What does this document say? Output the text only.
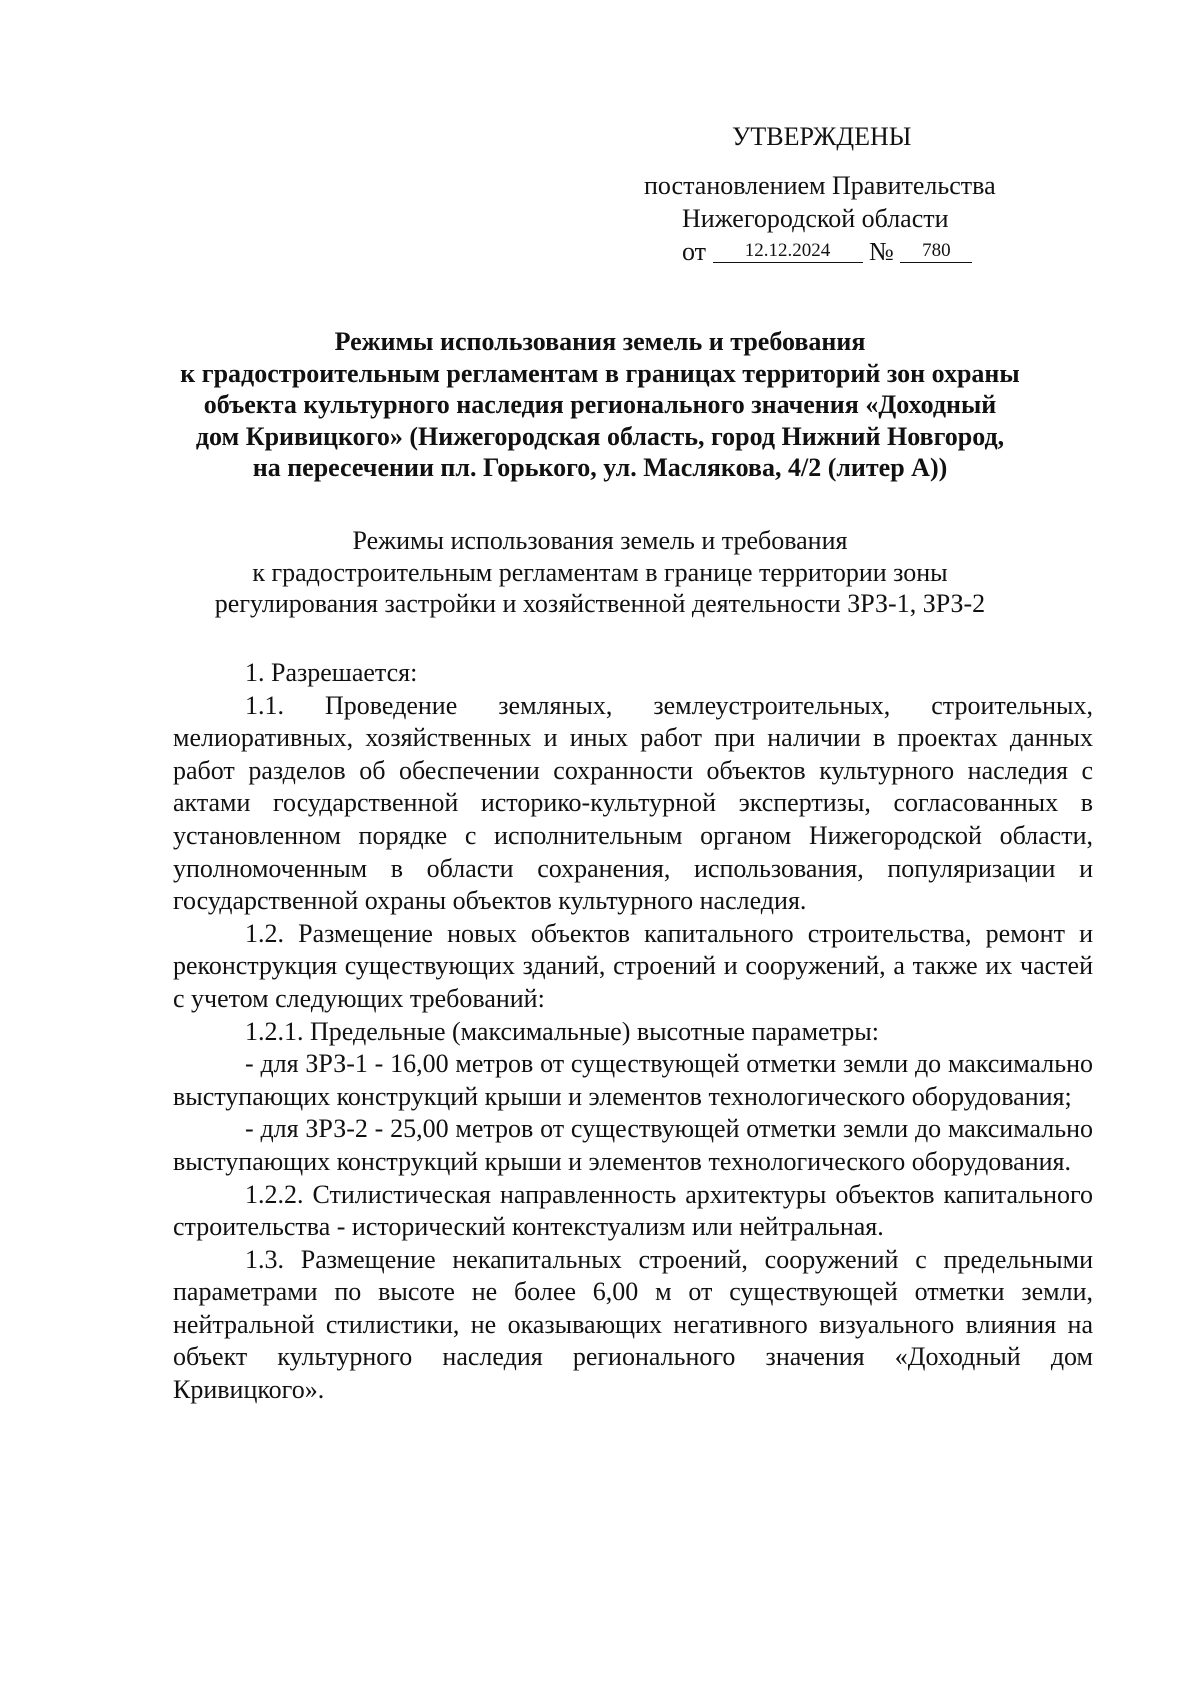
УТВЕРЖДЕНЫ
постановлением Правительства
Нижегородской области
от 12.12.2024 № 780
Режимы использования земель и требования
к градостроительным регламентам в границах территорий зон охраны
объекта культурного наследия регионального значения «Доходный
дом Кривицкого» (Нижегородская область, город Нижний Новгород,
на пересечении пл. Горького, ул. Маслякова, 4/2 (литер А))
Режимы использования земель и требования
к градостроительным регламентам в границе территории зоны
регулирования застройки и хозяйственной деятельности ЗРЗ-1, ЗРЗ-2

1. Разрешается:

1.1. Проведение земляных, землеустроительных, строительных, мелиоративных, хозяйственных и иных работ при наличии в проектах данных работ разделов об обеспечении сохранности объектов культурного наследия с актами государственной историко-культурной экспертизы, согласованных в установленном порядке с исполнительным органом Нижегородской области, уполномоченным в области сохранения, использования, популяризации и государственной охраны объектов культурного наследия.

1.2. Размещение новых объектов капитального строительства, ремонт и реконструкция существующих зданий, строений и сооружений, а также их частей с учетом следующих требований:

1.2.1. Предельные (максимальные) высотные параметры:

- для ЗРЗ-1 - 16,00 метров от существующей отметки земли до максимально выступающих конструкций крыши и элементов технологического оборудования;

- для ЗРЗ-2 - 25,00 метров от существующей отметки земли до максимально выступающих конструкций крыши и элементов технологического оборудования.

1.2.2. Стилистическая направленность архитектуры объектов капитального строительства - исторический контекстуализм или нейтральная.

1.3. Размещение некапитальных строений, сооружений с предельными параметрами по высоте не более 6,00 м от существующей отметки земли, нейтральной стилистики, не оказывающих негативного визуального влияния на объект культурного наследия регионального значения «Доходный дом Кривицкого».
